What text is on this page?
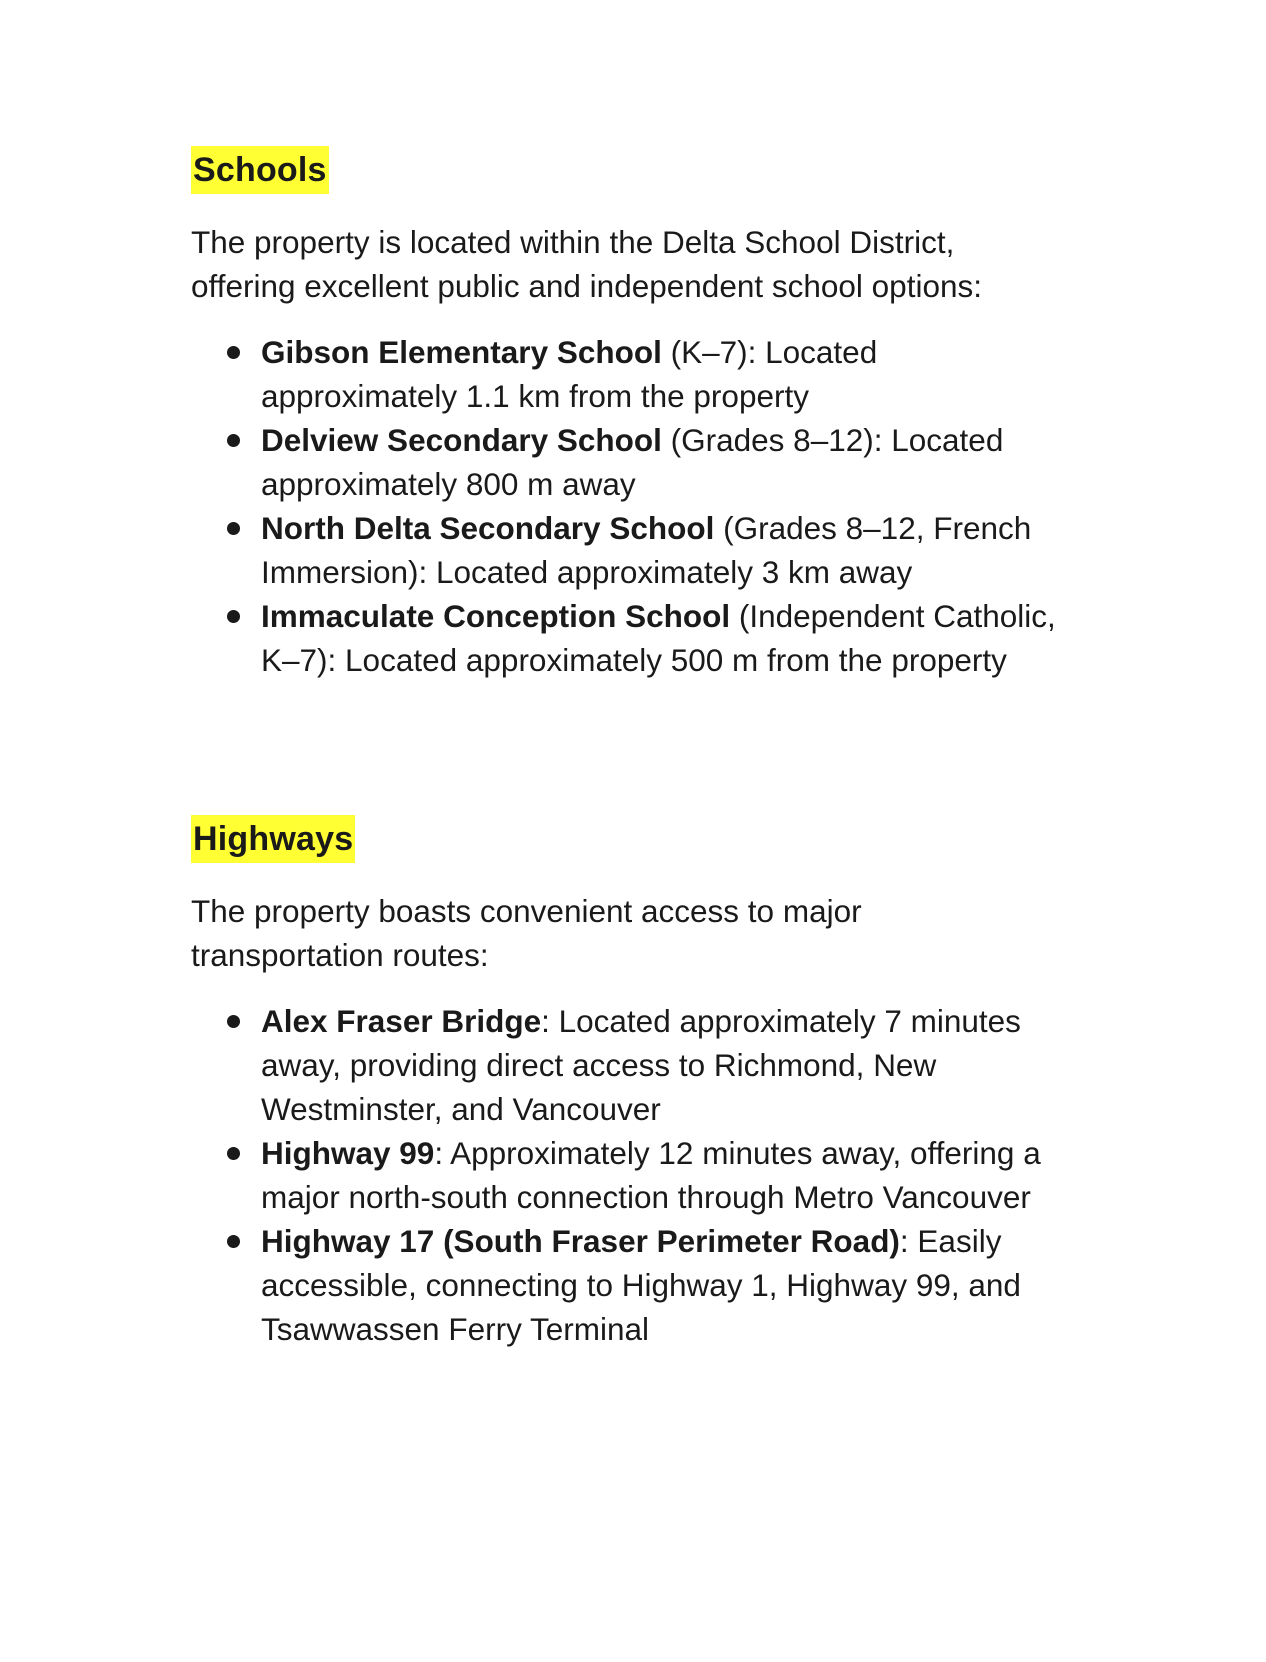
Schools

The property is located within the Delta School District, offering excellent public and independent school options:

Gibson Elementary School (K–7): Located approximately 1.1 km from the property
Delview Secondary School (Grades 8–12): Located approximately 800 m away
North Delta Secondary School (Grades 8–12, French Immersion): Located approximately 3 km away
Immaculate Conception School (Independent Catholic, K–7): Located approximately 500 m from the property
Highways

The property boasts convenient access to major transportation routes:

Alex Fraser Bridge: Located approximately 7 minutes away, providing direct access to Richmond, New Westminster, and Vancouver
Highway 99: Approximately 12 minutes away, offering a major north-south connection through Metro Vancouver
Highway 17 (South Fraser Perimeter Road): Easily accessible, connecting to Highway 1, Highway 99, and Tsawwassen Ferry Terminal
